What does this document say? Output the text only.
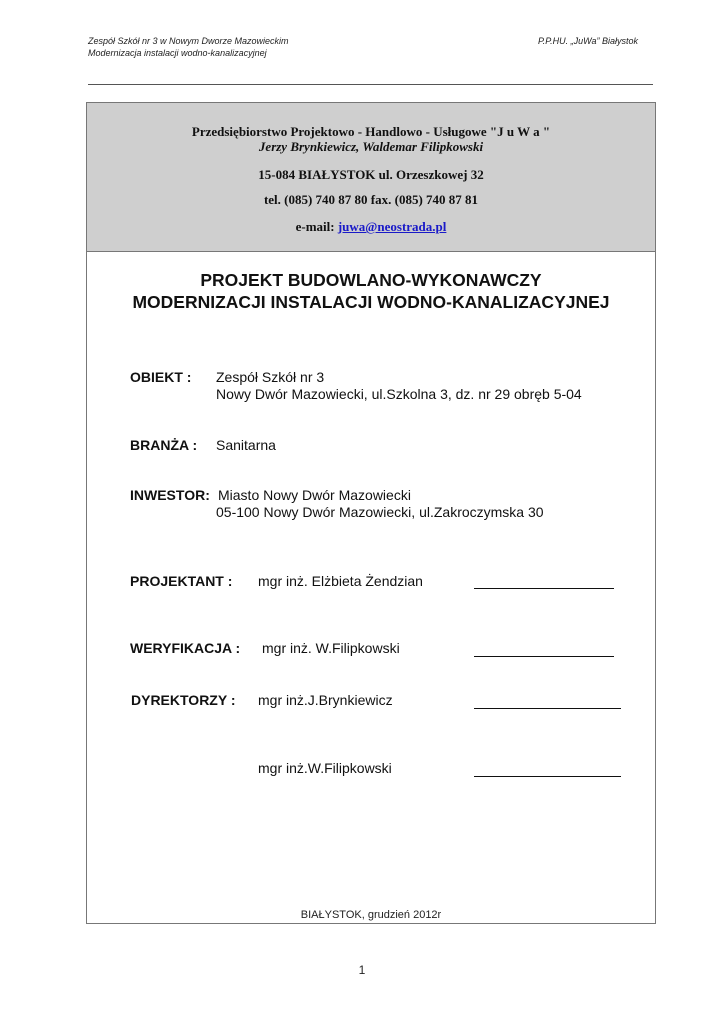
Zespół Szkół nr 3 w Nowym Dworze Mazowieckim
Modernizacja instalacji wodno-kanalizacyjnej
P.P.HU. „JuWa” Białystok
Przedsiębiorstwo Projektowo - Handlowo - Usługowe "J u W a "
Jerzy Brynkiewicz, Waldemar Filipkowski
15-084 BIAŁYSTOK ul. Orzeszkowej 32
tel. (085) 740 87 80 fax. (085) 740 87 81
e-mail: juwa@neostrada.pl
PROJEKT BUDOWLANO-WYKONAWCZY
MODERNIZACJI INSTALACJI WODNO-KANALIZACYJNEJ
OBIEKT : Zespół Szkół nr 3
Nowy Dwór Mazowiecki, ul.Szkolna 3, dz. nr 29 obręb 5-04
BRANŻA : Sanitarna
INWESTOR: Miasto Nowy Dwór Mazowiecki
05-100 Nowy Dwór Mazowiecki, ul.Zakroczymska 30
PROJEKTANT : mgr inż. Elżbieta Żendzian
WERYFIKACJA : mgr inż. W.Filipkowski
DYREKTORZY : mgr inż.J.Brynkiewicz
mgr inż.W.Filipkowski
BIAŁYSTOK, grudzień 2012r
1
